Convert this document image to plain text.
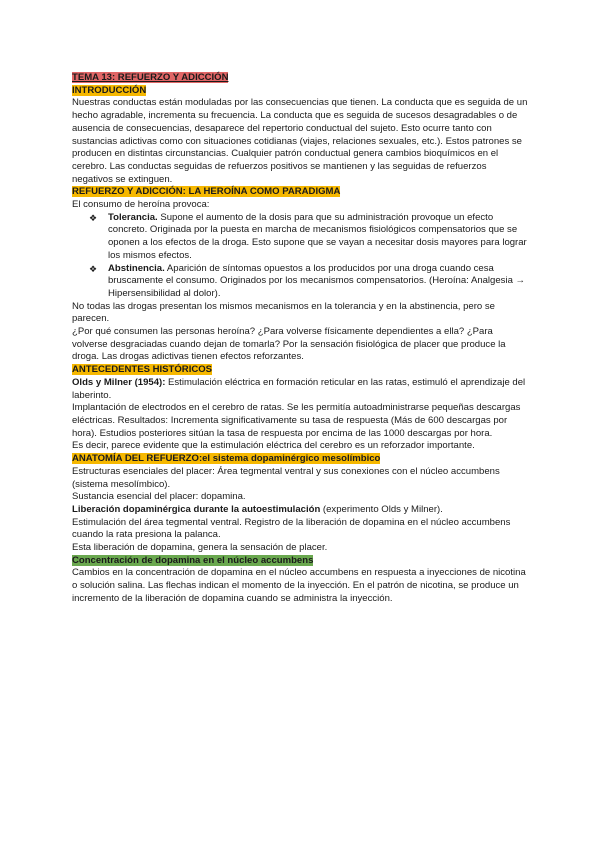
TEMA 13: REFUERZO Y ADICCIÓN

INTRODUCCIÓN

Nuestras conductas están moduladas por las consecuencias que tienen. La conducta que es seguida de un hecho agradable, incrementa su frecuencia. La conducta que es seguida de sucesos desagradables o de ausencia de consecuencias, desaparece del repertorio conductual del sujeto. Esto ocurre tanto con sustancias adictivas como con situaciones cotidianas (viajes, relaciones sexuales, etc.). Estos patrones se producen en distintas circunstancias. Cualquier patrón conductual genera cambios bioquímicos en el cerebro. Las conductas seguidas de refuerzos positivos se mantienen y las seguidas de refuerzos negativos se extinguen.

REFUERZO Y ADICCIÓN: LA HEROÍNA COMO PARADIGMA

El consumo de heroína provoca:

❖ Tolerancia. Supone el aumento de la dosis para que su administración provoque un efecto concreto. Originada por la puesta en marcha de mecanismos fisiológicos compensatorios que se oponen a los efectos de la droga. Esto supone que se vayan a necesitar dosis mayores para lograr los mismos efectos.
❖ Abstinencia. Aparición de síntomas opuestos a los producidos por una droga cuando cesa bruscamente el consumo. Originados por los mecanismos compensatorios. (Heroína: Analgesia → Hipersensibilidad al dolor).

No todas las drogas presentan los mismos mecanismos en la tolerancia y en la abstinencia, pero se parecen.

¿Por qué consumen las personas heroína? ¿Para volverse físicamente dependientes a ella? ¿Para volverse desgraciadas cuando dejan de tomarla? Por la sensación fisiológica de placer que produce la droga. Las drogas adictivas tienen efectos reforzantes.

ANTECEDENTES HISTÓRICOS

Olds y Milner (1954): Estimulación eléctrica en formación reticular en las ratas, estimuló el aprendizaje del laberinto.

Implantación de electrodos en el cerebro de ratas. Se les permitía autoadministrarse pequeñas descargas eléctricas. Resultados: Incrementa significativamente su tasa de respuesta (Más de 600 descargas por hora). Estudios posteriores sitúan la tasa de respuesta por encima de las 1000 descargas por hora.

Es decir, parece evidente que la estimulación eléctrica del cerebro es un reforzador importante.

ANATOMÍA DEL REFUERZO:el sistema dopaminérgico mesolímbico

Estructuras esenciales del placer: Área tegmental ventral y sus conexiones con el núcleo accumbens (sistema mesolímbico).

Sustancia esencial del placer: dopamina.

Liberación dopaminérgica durante la autoestimulación (experimento Olds y Milner).

Estimulación del área tegmental ventral. Registro de la liberación de dopamina en el núcleo accumbens cuando la rata presiona la palanca.

Esta liberación de dopamina, genera la sensación de placer.

Concentración de dopamina en el núcleo accumbens

Cambios en la concentración de dopamina en el núcleo accumbens en respuesta a inyecciones de nicotina o solución salina. Las flechas indican el momento de la inyección. En el patrón de nicotina, se produce un incremento de la liberación de dopamina cuando se administra la inyección.
